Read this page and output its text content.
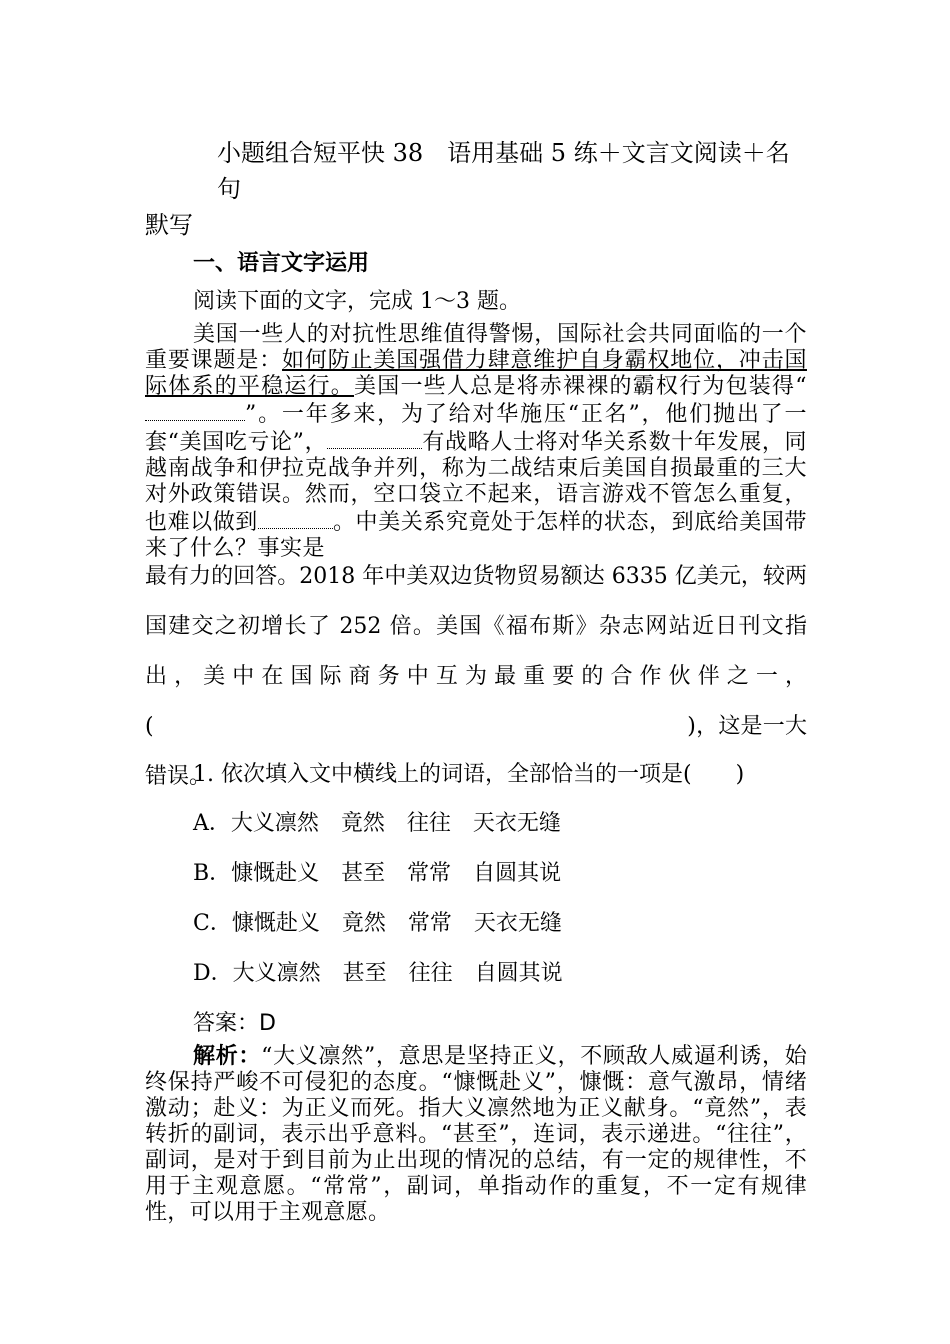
小题组合短平快 38　语用基础 5 练＋文言文阅读＋名句
默写
一、语言文字运用
阅读下面的文字，完成 1～3 题。
美国一些人的对抗性思维值得警惕，国际社会共同面临的一个重要课题是：如何防止美国强借力肆意维护自身霸权地位，冲击国际体系的平稳运行。美国一些人总是将赤裸裸的霸权行为包装得“”。一年多来，为了给对华施压“正名”，他们抛出了一套“美国吃亏论”，	有战略人士将对华关系数十年发展，同越南战争和伊拉克战争并列，称为二战结束后美国自损最重的三大对外政策错误。然而，空口袋立不起来，语言游戏不管怎么重复，也难以做到	。中美关系究竟处于怎样的状态，到底给美国带来了什么？事实是
最有力的回答。2018 年中美双边货物贸易额达 6335 亿美元，较两国建交之初增长了 252 倍。美国《福布斯》杂志网站近日刊文指出，美中在国际商务中互为最重要的合作伙伴之一，(　　　　　　　　　　　　　　　　　　　　　　　　)，这是一大错误。
1. 依次填入文中横线上的词语，全部恰当的一项是(　　)
A．大义凛然　竟然　往往　天衣无缝
B．慷慨赴义　甚至　常常　自圆其说
C．慷慨赴义　竟然　常常　天衣无缝
D．大义凛然　甚至　往往　自圆其说
答案：D
解析：“大义凛然”，意思是坚持正义，不顾敌人威逼利诱，始终保持严峻不可侵犯的态度。“慷慨赴义”，慷慨：意气激昂，情绪激动；赴义：为正义而死。指大义凛然地为正义献身。“竟然”，表转折的副词，表示出乎意料。“甚至”，连词，表示递进。“往往”，副词，是对于到目前为止出现的情况的总结，有一定的规律性，不用于主观意愿。“常常”，副词，单指动作的重复，不一定有规律性，可以用于主观意愿。
